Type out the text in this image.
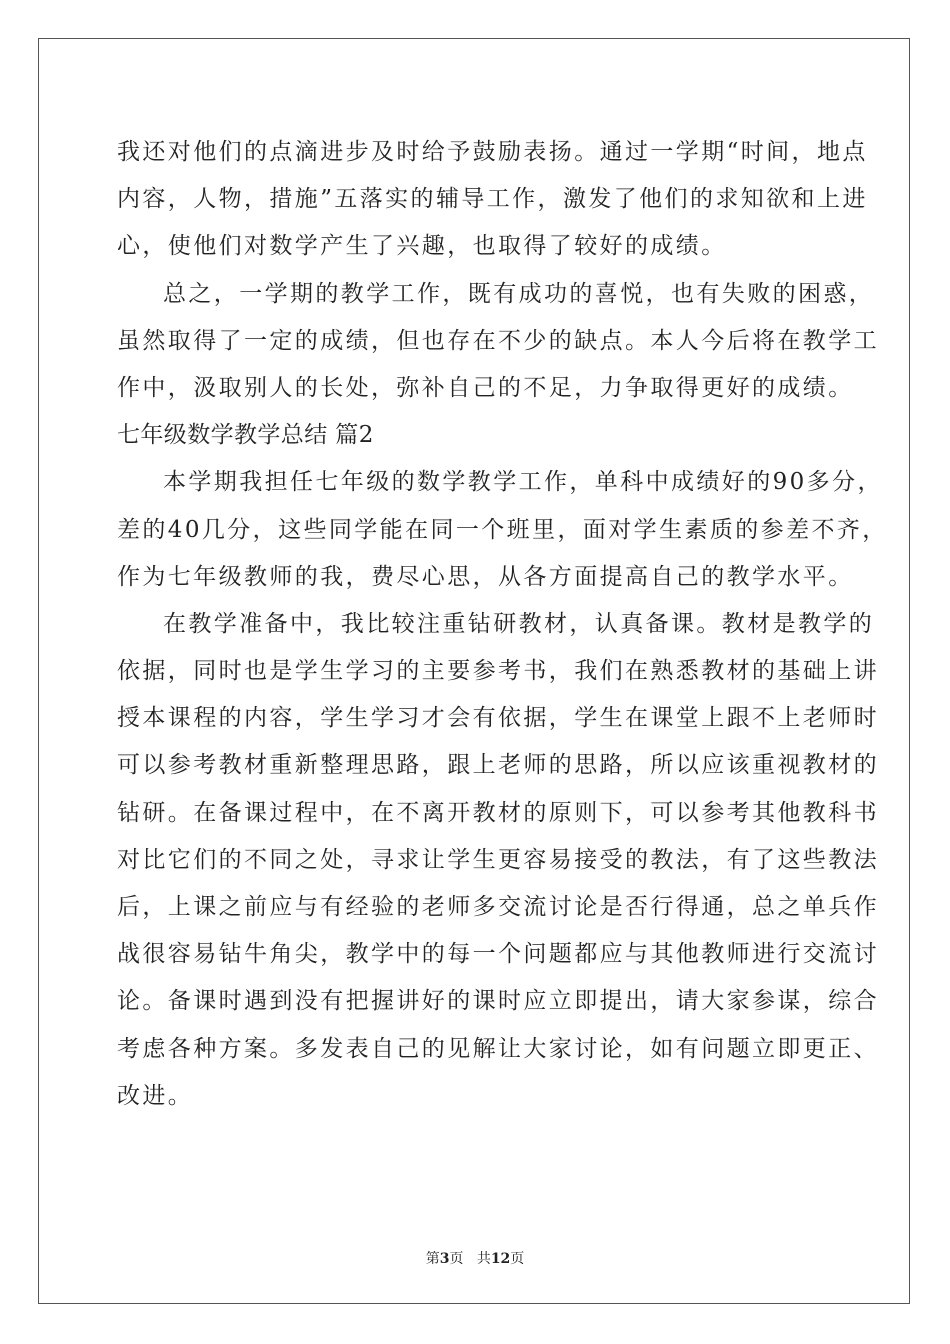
我还对他们的点滴进步及时给予鼓励表扬。通过一学期“时间，地点
内容，人物，措施”五落实的辅导工作，激发了他们的求知欲和上进
心，使他们对数学产生了兴趣，也取得了较好的成绩。
总之，一学期的教学工作，既有成功的喜悦，也有失败的困惑，
虽然取得了一定的成绩，但也存在不少的缺点。本人今后将在教学工
作中，汲取别人的长处，弥补自己的不足，力争取得更好的成绩。
七年级数学教学总结 篇2
本学期我担任七年级的数学教学工作，单科中成绩好的90多分，
差的40几分，这些同学能在同一个班里，面对学生素质的参差不齐，
作为七年级教师的我，费尽心思，从各方面提高自己的教学水平。
在教学准备中，我比较注重钻研教材，认真备课。教材是教学的
依据，同时也是学生学习的主要参考书，我们在熟悉教材的基础上讲
授本课程的内容，学生学习才会有依据，学生在课堂上跟不上老师时
可以参考教材重新整理思路，跟上老师的思路，所以应该重视教材的
钻研。在备课过程中，在不离开教材的原则下，可以参考其他教科书
对比它们的不同之处，寻求让学生更容易接受的教法，有了这些教法
后，上课之前应与有经验的老师多交流讨论是否行得通，总之单兵作
战很容易钻牛角尖，教学中的每一个问题都应与其他教师进行交流讨
论。备课时遇到没有把握讲好的课时应立即提出，请大家参谋，综合
考虑各种方案。多发表自己的见解让大家讨论，如有问题立即更正、
改进。
第3页 共12页
